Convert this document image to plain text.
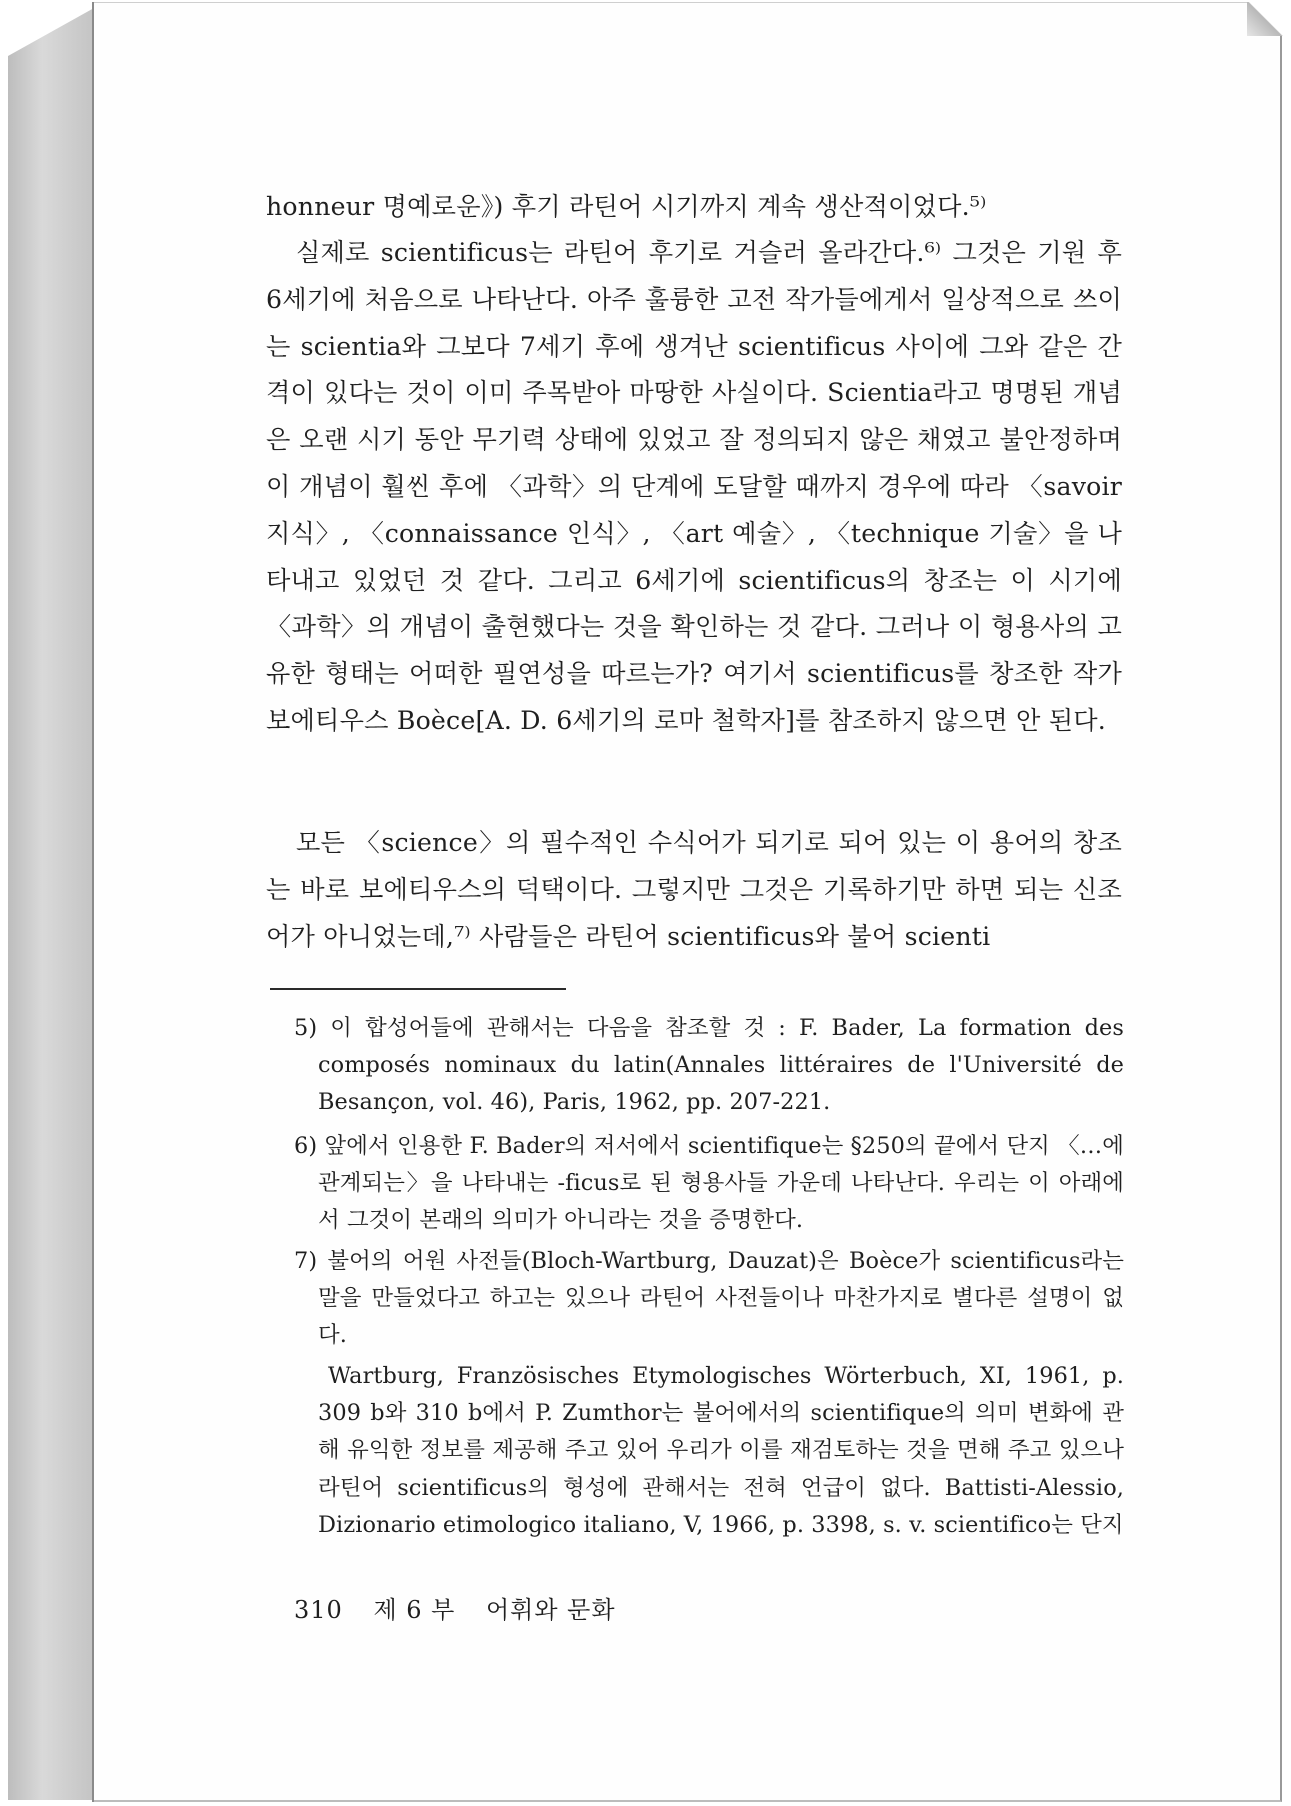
honneur 명예로운》) 후기 라틴어 시기까지 계속 생산적이었다.⁵⁾

실제로 scientificus는 라틴어 후기로 거슬러 올라간다.⁶⁾ 그것은 기원 후 6세기에 처음으로 나타난다. 아주 훌륭한 고전 작가들에게서 일상적으로 쓰이는 scientia와 그보다 7세기 후에 생겨난 scientificus 사이에 그와 같은 간격이 있다는 것이 이미 주목받아 마땅한 사실이다. Scientia라고 명명된 개념은 오랜 시기 동안 무기력 상태에 있었고 잘 정의되지 않은 채였고 불안정하며 이 개념이 훨씬 후에 〈과학〉의 단계에 도달할 때까지 경우에 따라 〈savoir 지식〉, 〈connaissance 인식〉, 〈art 예술〉, 〈technique 기술〉을 나타내고 있었던 것 같다. 그리고 6세기에 scientificus의 창조는 이 시기에 〈과학〉의 개념이 출현했다는 것을 확인하는 것 같다. 그러나 이 형용사의 고유한 형태는 어떠한 필연성을 따르는가? 여기서 scientificus를 창조한 작가 보에티우스 Boèce[A. D. 6세기의 로마 철학자]를 참조하지 않으면 안 된다.

모든 〈science〉의 필수적인 수식어가 되기로 되어 있는 이 용어의 창조는 바로 보에티우스의 덕택이다. 그렇지만 그것은 기록하기만 하면 되는 신조어가 아니었는데,⁷⁾ 사람들은 라틴어 scientificus와 불어 scienti

5) 이 합성어들에 관해서는 다음을 참조할 것 : F. Bader, La formation des composés nominaux du latin(Annales littéraires de l'Université de Besançon, vol. 46), Paris, 1962, pp. 207-221.

6) 앞에서 인용한 F. Bader의 저서에서 scientifique는 §250의 끝에서 단지 〈…에 관계되는〉을 나타내는 -ficus로 된 형용사들 가운데 나타난다. 우리는 이 아래에서 그것이 본래의 의미가 아니라는 것을 증명한다.

7) 불어의 어원 사전들(Bloch-Wartburg, Dauzat)은 Boèce가 scientificus라는 말을 만들었다고 하고는 있으나 라틴어 사전들이나 마찬가지로 별다른 설명이 없다.

Wartburg, Französisches Etymologisches Wörterbuch, XI, 1961, p. 309 b와 310 b에서 P. Zumthor는 불어에서의 scientifique의 의미 변화에 관해 유익한 정보를 제공해 주고 있어 우리가 이를 재검토하는 것을 면해 주고 있으나 라틴어 scientificus의 형성에 관해서는 전혀 언급이 없다. Battisti-Alessio, Dizionario etimologico italiano, V, 1966, p. 3398, s. v. scientifico는 단지

310 제 6 부 어휘와 문화
